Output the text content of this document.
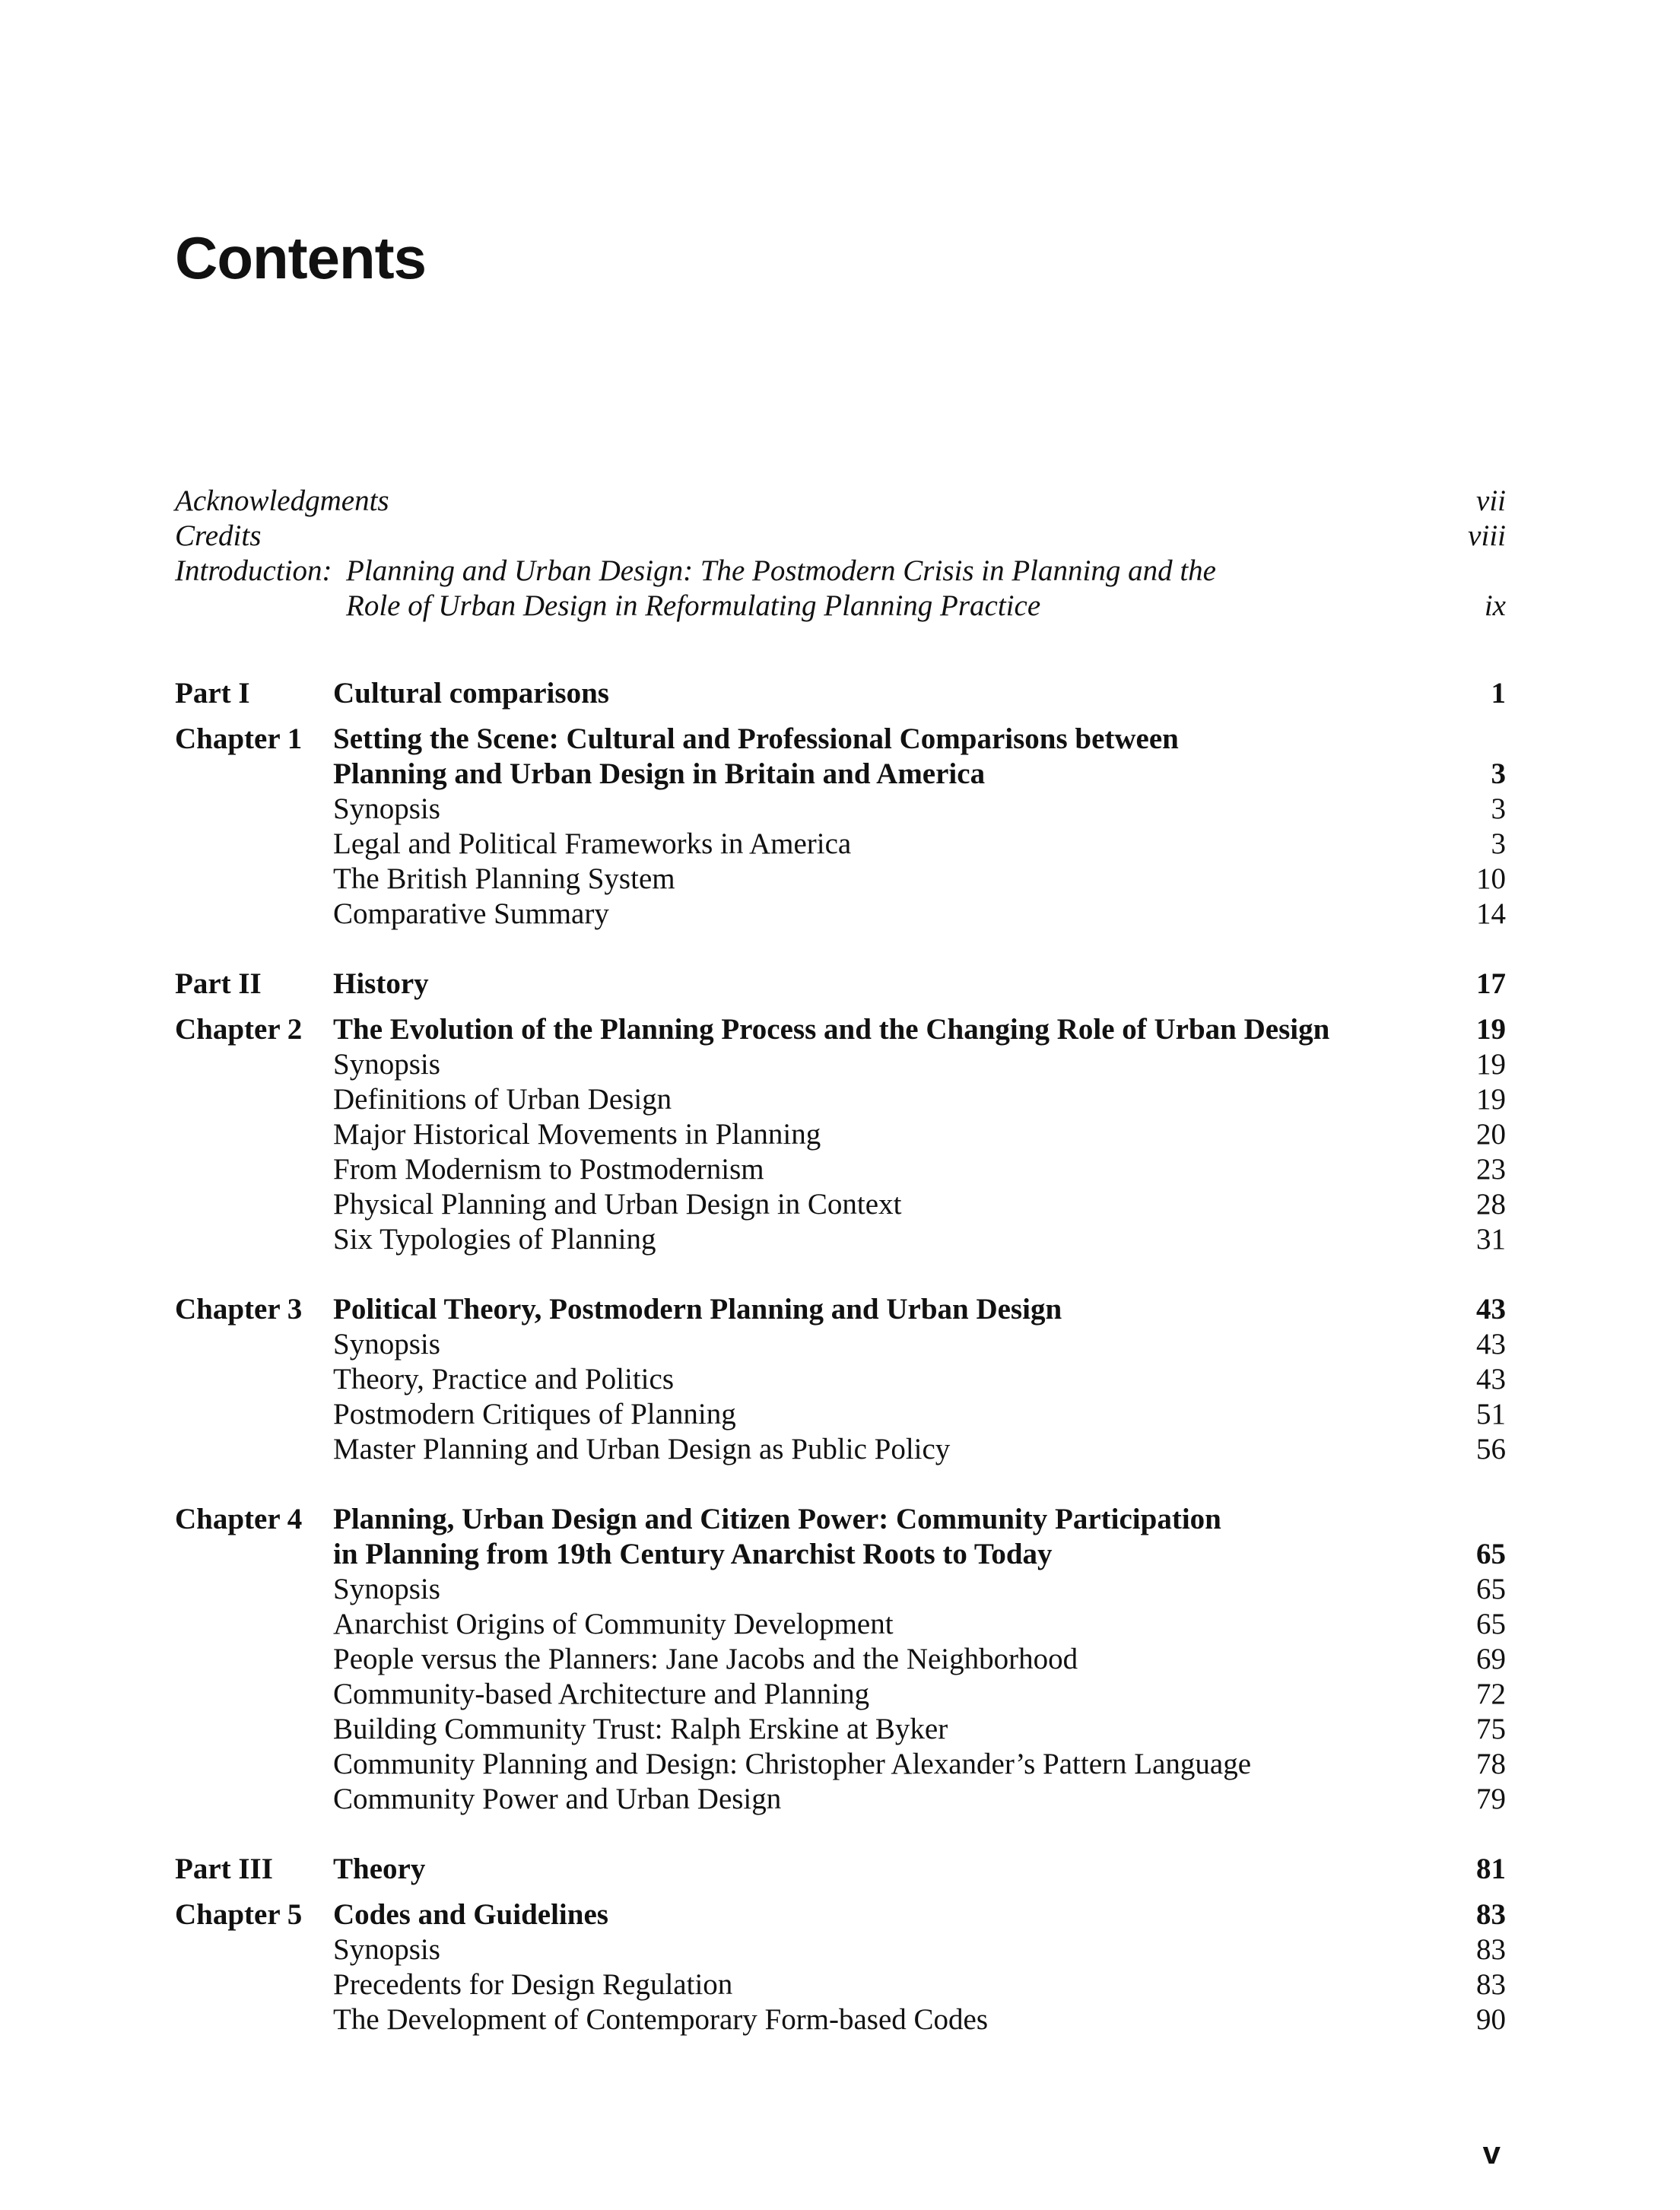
Contents
Acknowledgments	vii
Credits	viii
Introduction: Planning and Urban Design: The Postmodern Crisis in Planning and the
Role of Urban Design in Reformulating Planning Practice	ix
Part I	Cultural comparisons	1
Chapter 1 Setting the Scene: Cultural and Professional Comparisons between
Planning and Urban Design in Britain and America	3
Synopsis	3
Legal and Political Frameworks in America	3
The British Planning System	10
Comparative Summary	14
Part II History	17
Chapter 2 The Evolution of the Planning Process and the Changing Role of Urban Design	19
Synopsis	19
Definitions of Urban Design	19
Major Historical Movements in Planning	20
From Modernism to Postmodernism	23
Physical Planning and Urban Design in Context	28
Six Typologies of Planning	31
Chapter 3 Political Theory, Postmodern Planning and Urban Design	43
Synopsis	43
Theory, Practice and Politics	43
Postmodern Critiques of Planning	51
Master Planning and Urban Design as Public Policy	56
Chapter 4 Planning, Urban Design and Citizen Power: Community Participation
in Planning from 19th Century Anarchist Roots to Today	65
Synopsis	65
Anarchist Origins of Community Development	65
People versus the Planners: Jane Jacobs and the Neighborhood	69
Community-based Architecture and Planning	72
Building Community Trust: Ralph Erskine at Byker	75
Community Planning and Design: Christopher Alexander’s Pattern Language	78
Community Power and Urban Design	79
Part III Theory	81
Chapter 5 Codes and Guidelines	83
Synopsis	83
Precedents for Design Regulation	83
The Development of Contemporary Form-based Codes	90
v
